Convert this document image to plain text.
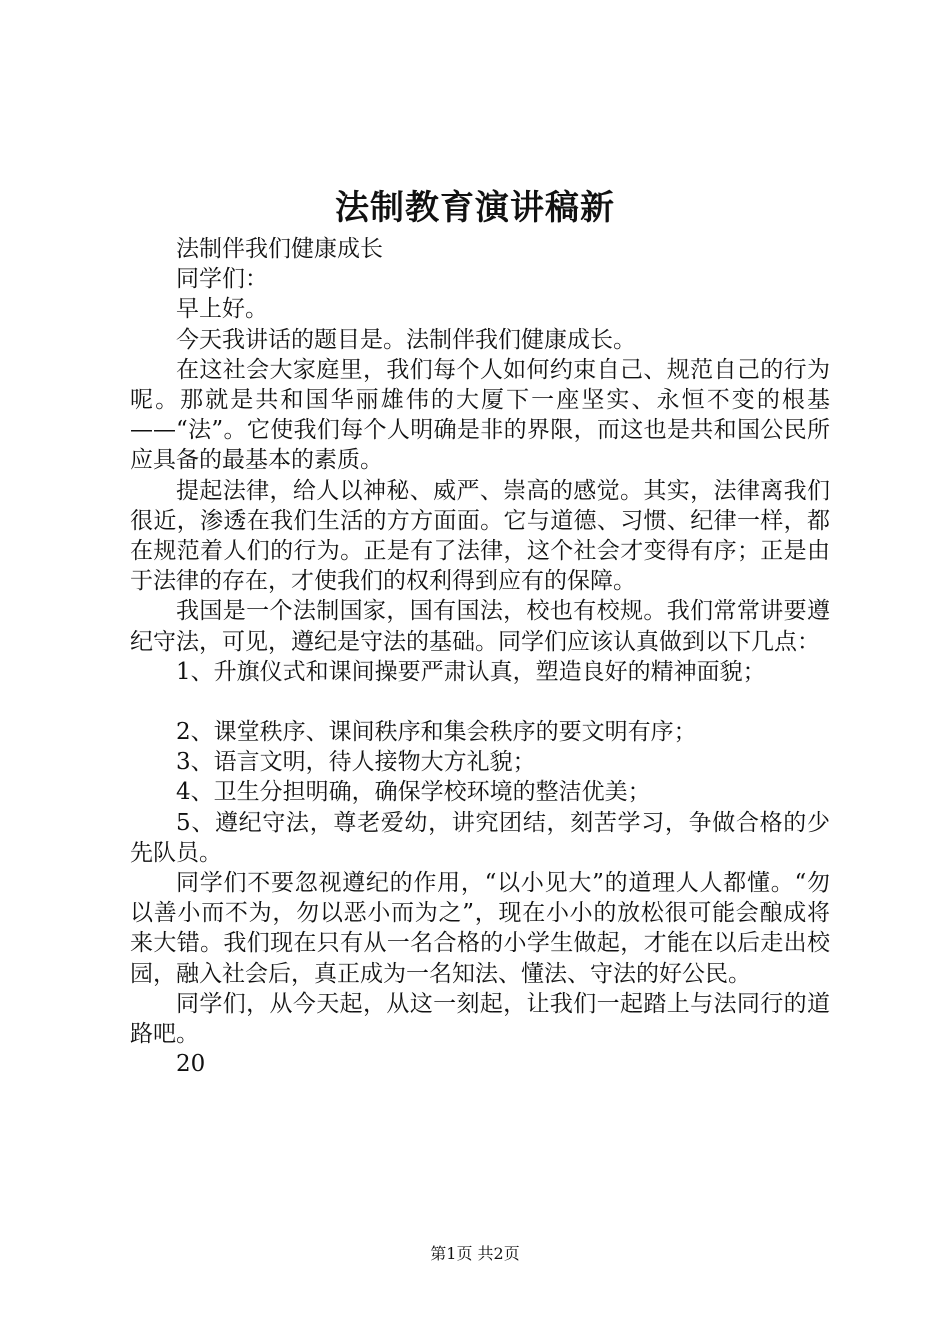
法制教育演讲稿新

法制伴我们健康成长

同学们：

早上好。

今天我讲话的题目是。法制伴我们健康成长。

在这社会大家庭里，我们每个人如何约束自己、规范自己的行为呢。那就是共和国华丽雄伟的大厦下一座坚实、永恒不变的根基——“法”。它使我们每个人明确是非的界限，而这也是共和国公民所应具备的最基本的素质。

提起法律，给人以神秘、威严、崇高的感觉。其实，法律离我们很近，渗透在我们生活的方方面面。它与道德、习惯、纪律一样，都在规范着人们的行为。正是有了法律，这个社会才变得有序；正是由于法律的存在，才使我们的权利得到应有的保障。

我国是一个法制国家，国有国法，校也有校规。我们常常讲要遵纪守法，可见，遵纪是守法的基础。同学们应该认真做到以下几点：

1、升旗仪式和课间操要严肃认真，塑造良好的精神面貌；

2、课堂秩序、课间秩序和集会秩序的要文明有序；

3、语言文明，待人接物大方礼貌；

4、卫生分担明确，确保学校环境的整洁优美；

5、遵纪守法，尊老爱幼，讲究团结，刻苦学习，争做合格的少先队员。

同学们不要忽视遵纪的作用，“以小见大”的道理人人都懂。“勿以善小而不为，勿以恶小而为之”，现在小小的放松很可能会酿成将来大错。我们现在只有从一名合格的小学生做起，才能在以后走出校园，融入社会后，真正成为一名知法、懂法、守法的好公民。

同学们，从今天起，从这一刻起，让我们一起踏上与法同行的道路吧。

20

第1页 共2页
